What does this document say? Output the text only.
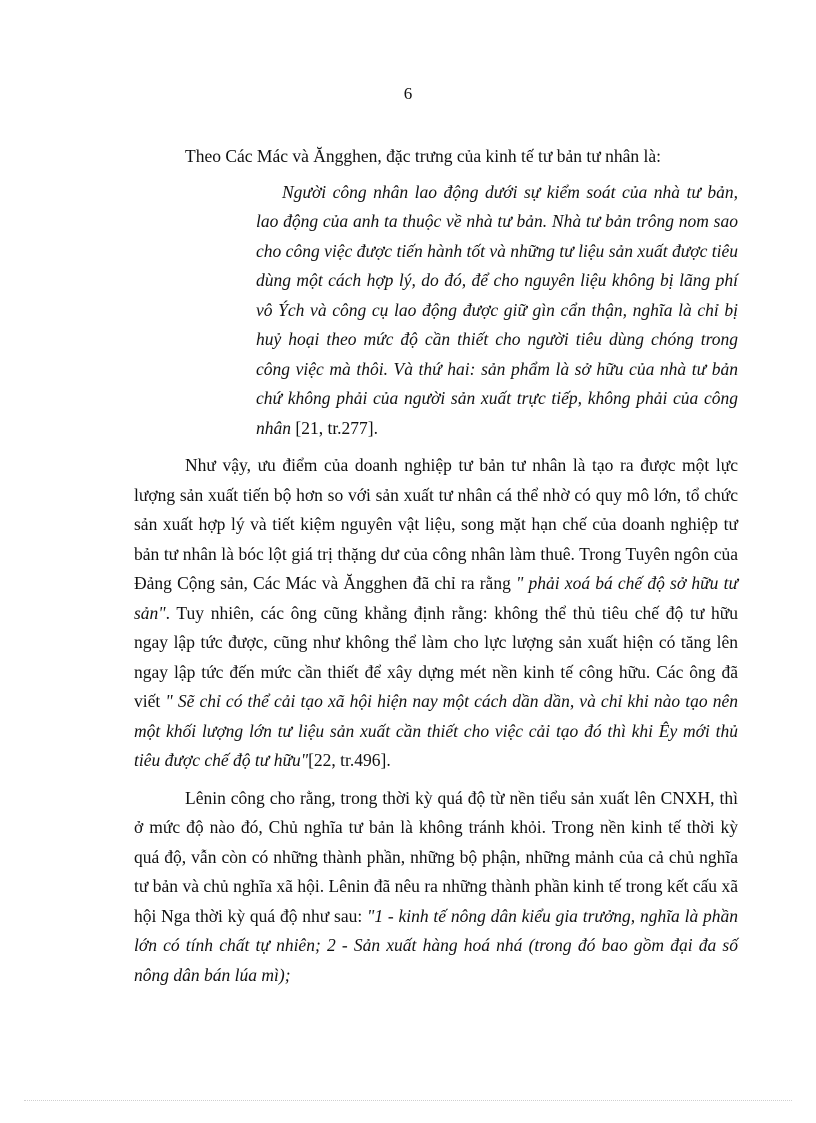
6

Theo Các Mác và Ăngghen, đặc trưng của kinh tế tư bản tư nhân là:

Người công nhân lao động dưới sự kiểm soát của nhà tư bản, lao động của anh ta thuộc về nhà tư bản. Nhà tư bản trông nom sao cho công việc được tiến hành tốt và những tư liệu sản xuất được tiêu dùng một cách hợp lý, do đó, để cho nguyên liệu không bị lãng phí vô Ých và công cụ lao động được giữ gìn cẩn thận, nghĩa là chỉ bị huỷ hoại theo mức độ cần thiết cho người tiêu dùng chóng trong công việc mà thôi. Và thứ hai: sản phẩm là sở hữu của nhà tư bản chứ không phải của người sản xuất trực tiếp, không phải của công nhân [21, tr.277].

Như vậy, ưu điểm của doanh nghiệp tư bản tư nhân là tạo ra được một lực lượng sản xuất tiến bộ hơn so với sản xuất tư nhân cá thể nhờ có quy mô lớn, tổ chức sản xuất hợp lý và tiết kiệm nguyên vật liệu, song mặt hạn chế của doanh nghiệp tư bản tư nhân là bóc lột giá trị thặng dư của công nhân làm thuê. Trong Tuyên ngôn của Đảng Cộng sản, Các Mác và Ăngghen đã chỉ ra rằng " phải xoá bá chế độ sở hữu tư sản". Tuy nhiên, các ông cũng khẳng định rằng: không thể thủ tiêu chế độ tư hữu ngay lập tức được, cũng như không thể làm cho lực lượng sản xuất hiện có tăng lên ngay lập tức đến mức cần thiết để xây dựng mét nền kinh tế công hữu. Các ông đã viết " Sẽ chỉ có thể cải tạo xã hội hiện nay một cách dần dần, và chỉ khi nào tạo nên một khối lượng lớn tư liệu sản xuất cần thiết cho việc cải tạo đó thì khi Êy mới thủ tiêu được chế độ tư hữu"[22, tr.496].

Lênin công cho rằng, trong thời kỳ quá độ từ nền tiểu sản xuất lên CNXH, thì ở mức độ nào đó, Chủ nghĩa tư bản là không tránh khỏi. Trong nền kinh tế thời kỳ quá độ, vẫn còn có những thành phần, những bộ phận, những mảnh của cả chủ nghĩa tư bản và chủ nghĩa xã hội. Lênin đã nêu ra những thành phần kinh tế trong kết cấu xã hội Nga thời kỳ quá độ như sau: "1 - kinh tế nông dân kiểu gia trưởng, nghĩa là phần lớn có tính chất tự nhiên; 2 - Sản xuất hàng hoá nhá (trong đó bao gồm đại đa số nông dân bán lúa mì);
